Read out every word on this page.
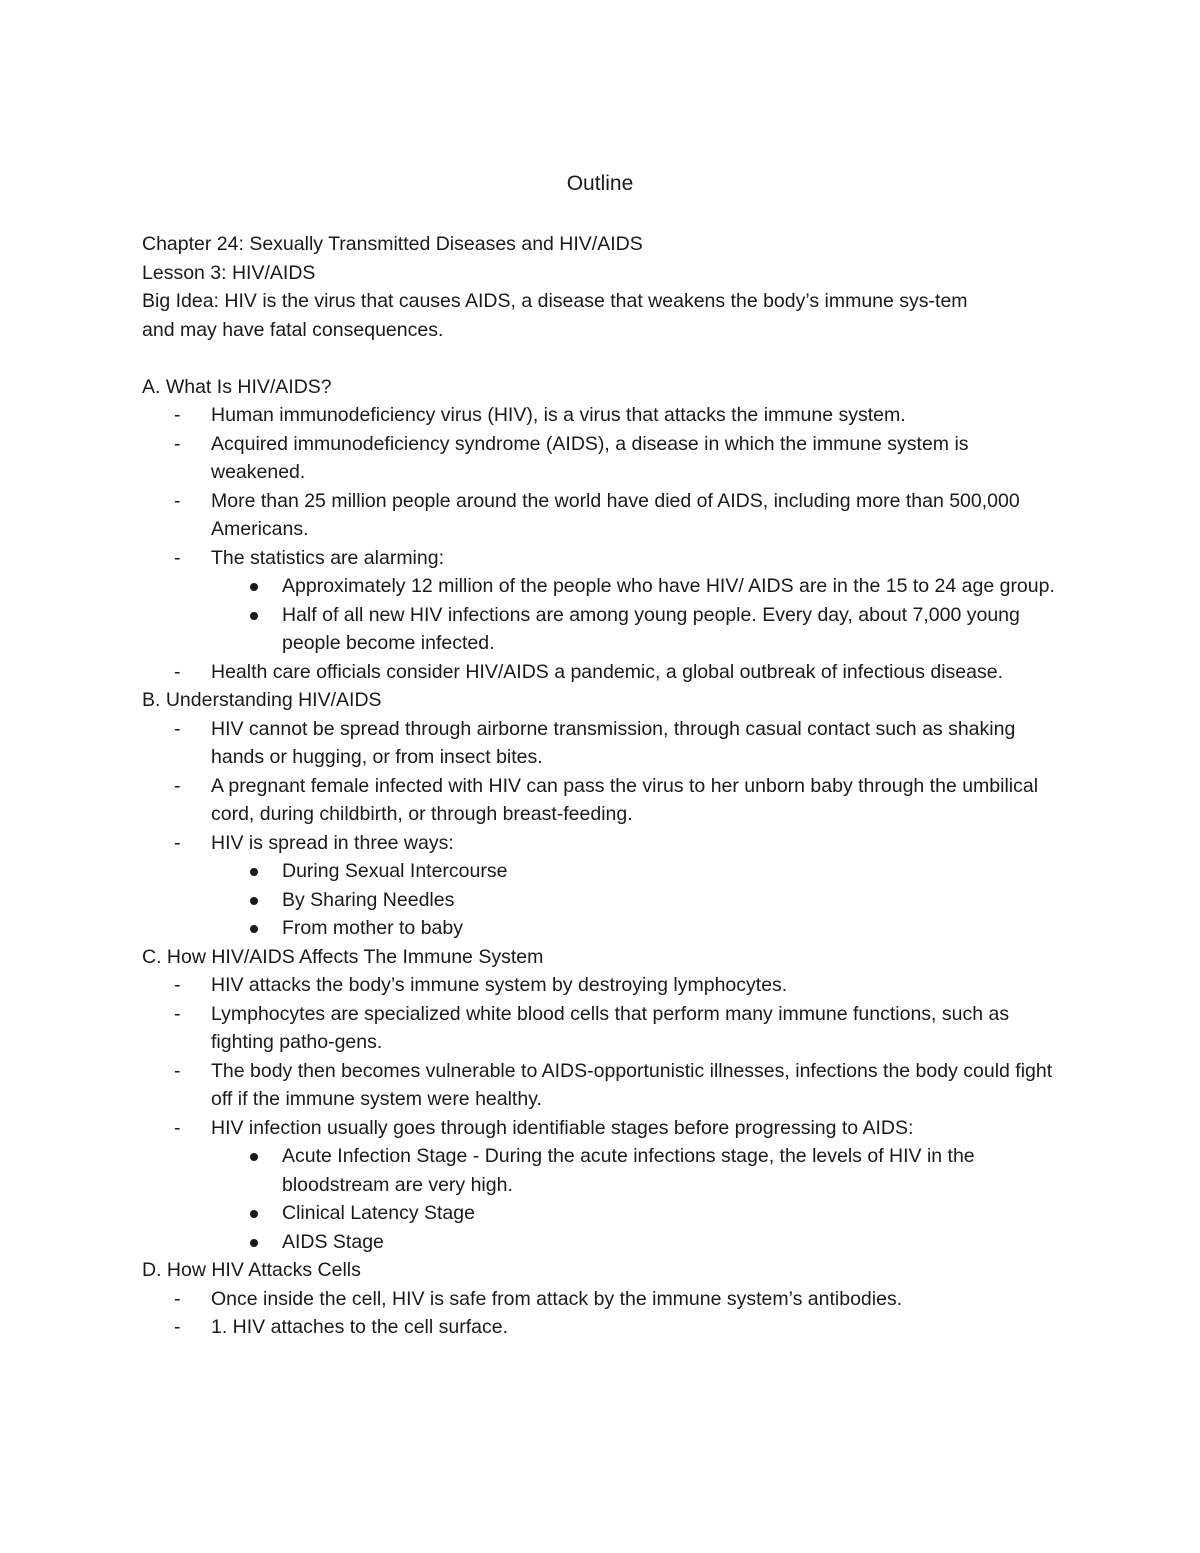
Outline

Chapter 24: Sexually Transmitted Diseases and HIV/AIDS

Lesson 3: HIV/AIDS

Big Idea: HIV is the virus that causes AIDS, a disease that weakens the body’s immune sys-tem

and may have fatal consequences.

A. What Is HIV/AIDS?

- Human immunodeficiency virus (HIV), is a virus that attacks the immune system.
- Acquired immunodeficiency syndrome (AIDS), a disease in which the immune system is weakened.
- More than 25 million people around the world have died of AIDS, including more than 500,000 Americans.
- The statistics are alarming:
Approximately 12 million of the people who have HIV/ AIDS are in the 15 to 24 age group.
Half of all new HIV infections are among young people. Every day, about 7,000 young people become infected.
- Health care officials consider HIV/AIDS a pandemic, a global outbreak of infectious disease.

B. Understanding HIV/AIDS

- HIV cannot be spread through airborne transmission, through casual contact such as shaking hands or hugging, or from insect bites.
- A pregnant female infected with HIV can pass the virus to her unborn baby through the umbilical cord, during childbirth, or through breast-feeding.
- HIV is spread in three ways:
During Sexual Intercourse
By Sharing Needles
From mother to baby

C. How HIV/AIDS Affects The Immune System

- HIV attacks the body’s immune system by destroying lymphocytes.
- Lymphocytes are specialized white blood cells that perform many immune functions, such as fighting patho-gens.
- The body then becomes vulnerable to AIDS-opportunistic illnesses, infections the body could fight off if the immune system were healthy.
- HIV infection usually goes through identifiable stages before progressing to AIDS:
Acute Infection Stage - During the acute infections stage, the levels of HIV in the bloodstream are very high.
Clinical Latency Stage
AIDS Stage

D. How HIV Attacks Cells

- Once inside the cell, HIV is safe from attack by the immune system’s antibodies.
- 1. HIV attaches to the cell surface.
